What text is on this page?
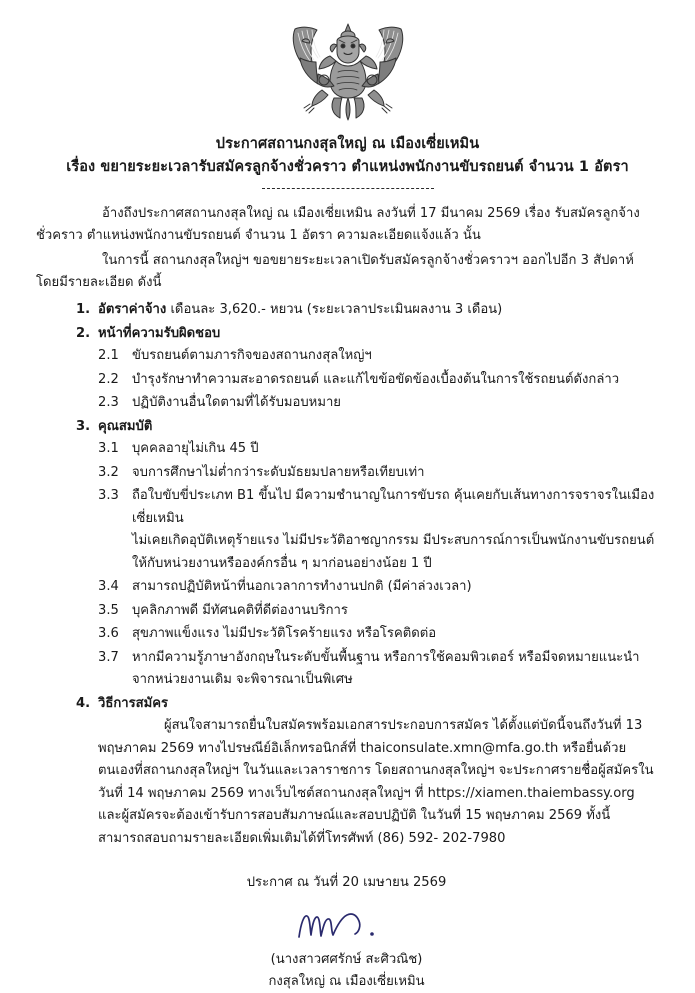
ประกาศสถานกงสุลใหญ่ ณ เมืองเซี่ยเหมิน
เรื่อง ขยายระยะเวลารับสมัครลูกจ้างชั่วคราว ตำแหน่งพนักงานขับรถยนต์ จำนวน 1 อัตรา

อ้างถึงประกาศสถานกงสุลใหญ่ ณ เมืองเซี่ยเหมิน ลงวันที่ 17 มีนาคม 2569 เรื่อง รับสมัครลูกจ้างชั่วคราว ตำแหน่งพนักงานขับรถยนต์ จำนวน 1 อัตรา ความละเอียดแจ้งแล้ว นั้น

ในการนี้ สถานกงสุลใหญ่ฯ ขอขยายระยะเวลาเปิดรับสมัครลูกจ้างชั่วคราวฯ ออกไปอีก 3 สัปดาห์ โดยมีรายละเอียด ดังนี้

1. อัตราค่าจ้าง เดือนละ 3,620.- หยวน (ระยะเวลาประเมินผลงาน 3 เดือน)
2. หน้าที่ความรับผิดชอบ
2.1 ขับรถยนต์ตามภารกิจของสถานกงสุลใหญ่ฯ
2.2 บำรุงรักษาทำความสะอาดรถยนต์ และแก้ไขข้อขัดข้องเบื้องต้นในการใช้รถยนต์ดังกล่าว
2.3 ปฏิบัติงานอื่นใดตามที่ได้รับมอบหมาย
3. คุณสมบัติ
3.1 บุคคลอายุไม่เกิน 45 ปี
3.2 จบการศึกษาไม่ต่ำกว่าระดับมัธยมปลายหรือเทียบเท่า
3.3 ถือใบขับขี่ประเภท B1 ขึ้นไป มีความชำนาญในการขับรถ คุ้นเคยกับเส้นทางการจราจรในเมืองเซี่ยเหมิน

ไม่เคยเกิดอุบัติเหตุร้ายแรง ไม่มีประวัติอาชญากรรม มีประสบการณ์การเป็นพนักงานขับรถยนต์ ให้กับหน่วยงานหรือองค์กรอื่น ๆ มาก่อนอย่างน้อย 1 ปี

3.4 สามารถปฏิบัติหน้าที่นอกเวลาการทำงานปกติ (มีค่าล่วงเวลา)
3.5 บุคลิกภาพดี มีทัศนคติที่ดีต่องานบริการ
3.6 สุขภาพแข็งแรง ไม่มีประวัติโรคร้ายแรง หรือโรคติดต่อ
3.7 หากมีความรู้ภาษาอังกฤษในระดับขั้นพื้นฐาน หรือการใช้คอมพิวเตอร์ หรือมีจดหมายแนะนำ

จากหน่วยงานเดิม จะพิจารณาเป็นพิเศษ

4. วิธีการสมัคร

ผู้สนใจสามารถยื่นใบสมัครพร้อมเอกสารประกอบการสมัคร ได้ตั้งแต่บัดนี้จนถึงวันที่ 13 พฤษภาคม 2569 ทางไปรษณีย์อิเล็กทรอนิกส์ที่ thaiconsulate.xmn@mfa.go.th หรือยื่นด้วยตนเองที่สถานกงสุลใหญ่ฯ ในวันและเวลาราชการ โดยสถานกงสุลใหญ่ฯ จะประกาศรายชื่อผู้สมัครในวันที่ 14 พฤษภาคม 2569 ทางเว็บไซต์สถานกงสุลใหญ่ฯ ที่ https://xiamen.thaiembassy.org และผู้สมัครจะต้องเข้ารับการสอบสัมภาษณ์และสอบปฏิบัติ ในวันที่ 15 พฤษภาคม 2569 ทั้งนี้ สามารถสอบถามรายละเอียดเพิ่มเติมได้ที่โทรศัพท์ (86) 592- 202-7980

ประกาศ ณ วันที่ 20 เมษายน 2569
(นางสาวศศรักษ์ สะศิวณิช)
กงสุลใหญ่ ณ เมืองเซี่ยเหมิน
